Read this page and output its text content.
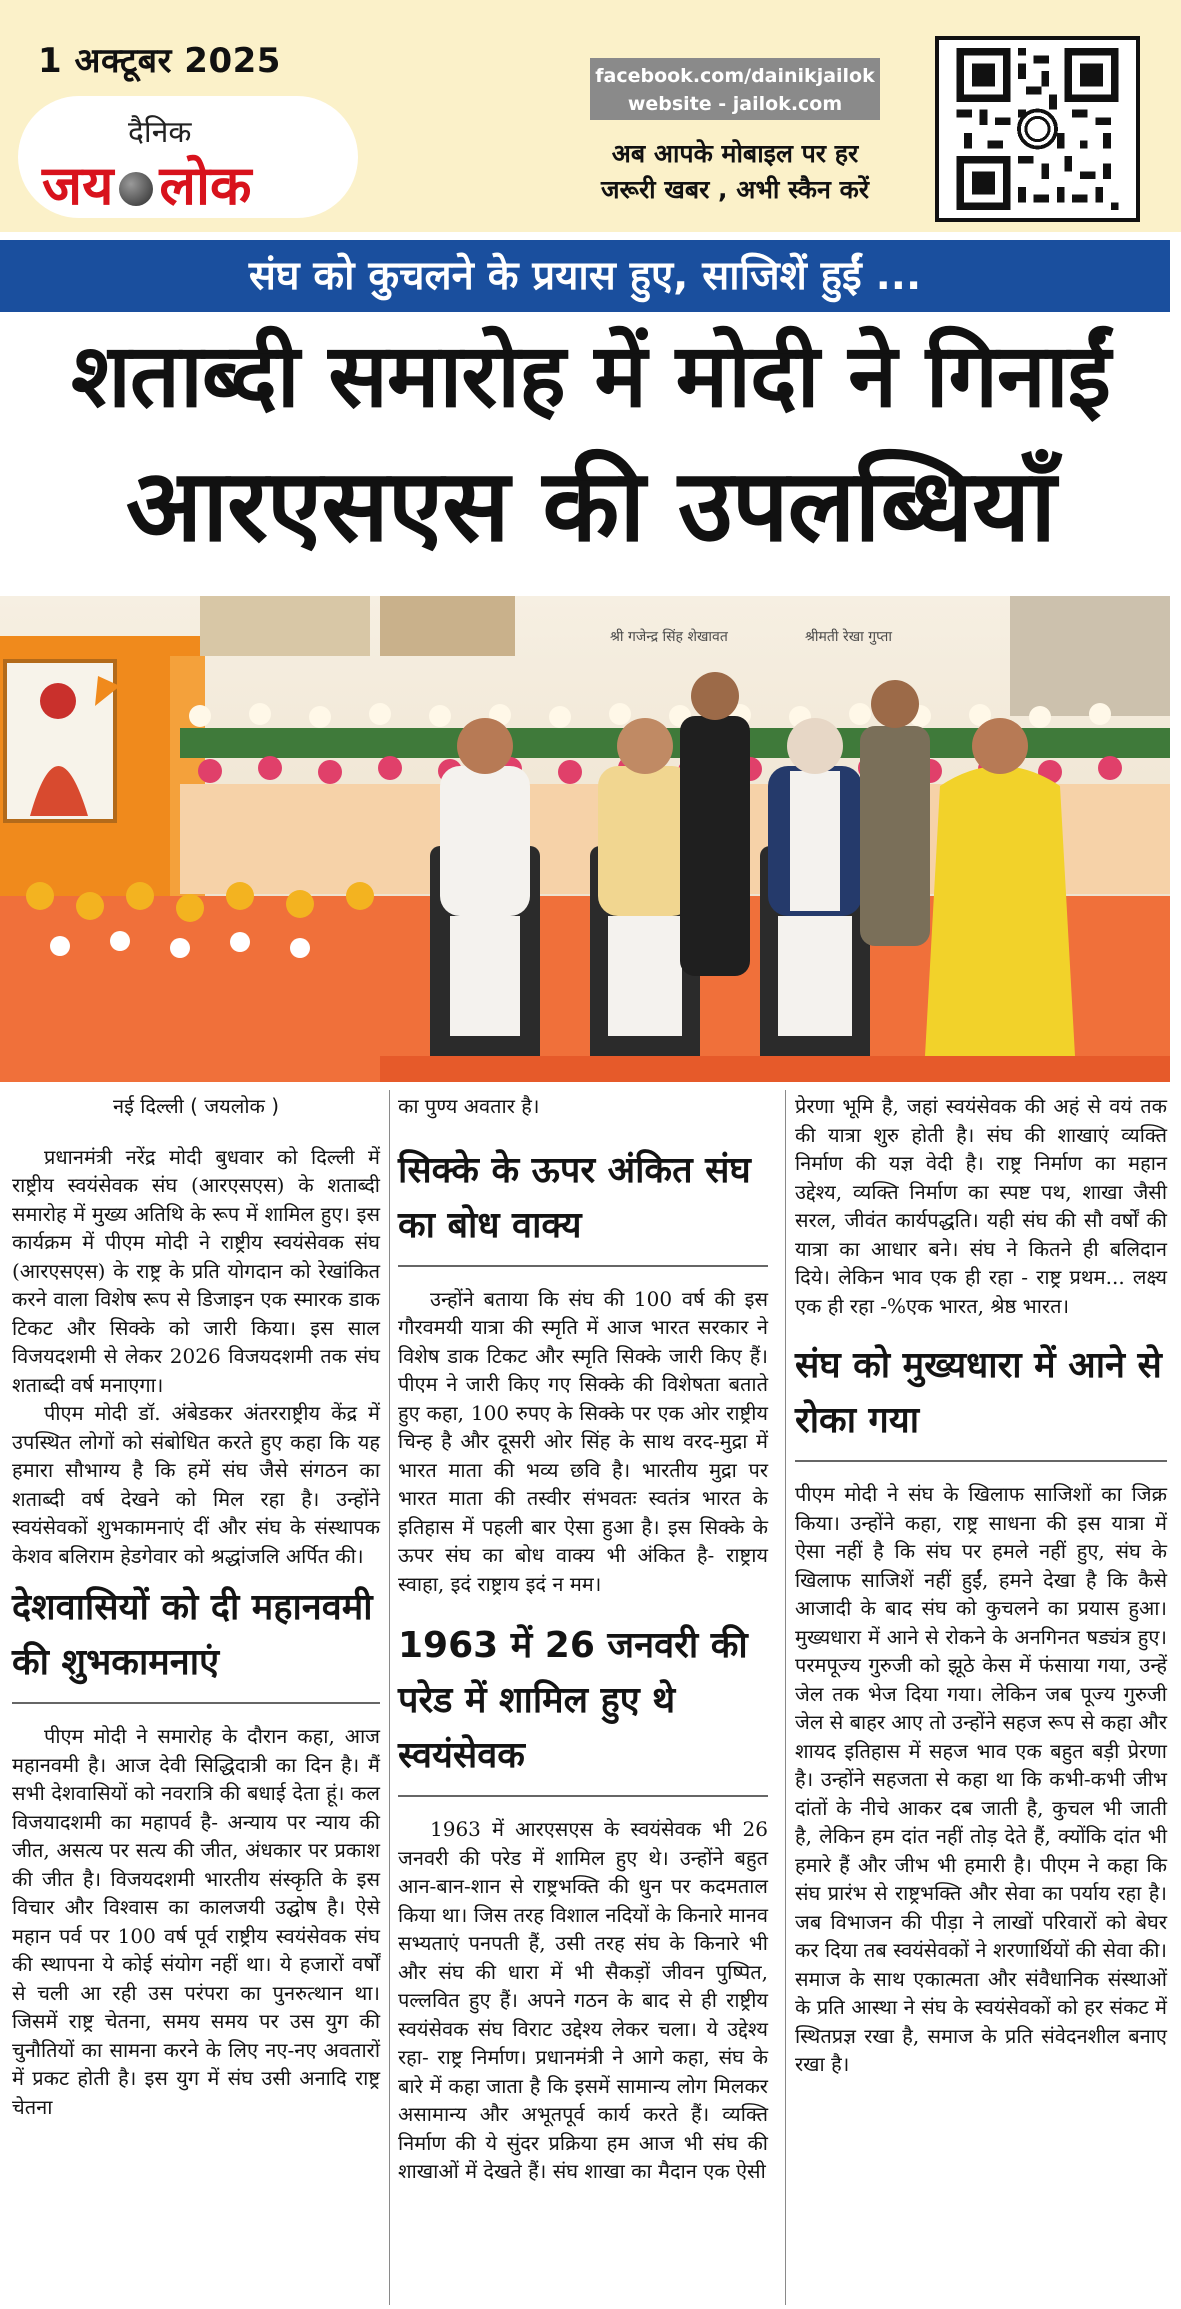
1 अक्टूबर 2025
दैनिक
जय लोक
facebook.com/dainikjailok
website - jailok.com
अब आपके मोबाइल पर हर
जरूरी खबर , अभी स्कैन करें
संघ को कुचलने के प्रयास हुए, साजिशें हुईं ...
शताब्दी समारोह में मोदी ने गिनाईं
आरएसएस की उपलब्धियाँ
श्री गजेन्द्र सिंह शेखावत	श्रीमती रेखा गुप्ता
नई दिल्ली ( जयलोक )

प्रधानमंत्री नरेंद्र मोदी बुधवार को दिल्ली में राष्ट्रीय स्वयंसेवक संघ (आरएसएस) के शताब्दी समारोह में मुख्य अतिथि के रूप में शामिल हुए। इस कार्यक्रम में पीएम मोदी ने राष्ट्रीय स्वयंसेवक संघ (आरएसएस) के राष्ट्र के प्रति योगदान को रेखांकित करने वाला विशेष रूप से डिजाइन एक स्मारक डाक टिकट और सिक्के को जारी किया। इस साल विजयदशमी से लेकर 2026 विजयदशमी तक संघ शताब्दी वर्ष मनाएगा।

पीएम मोदी डॉ. अंबेडकर अंतरराष्ट्रीय केंद्र में उपस्थित लोगों को संबोधित करते हुए कहा कि यह हमारा सौभाग्य है कि हमें संघ जैसे संगठन का शताब्दी वर्ष देखने को मिल रहा है। उन्होंने स्वयंसेवकों शुभकामनाएं दीं और संघ के संस्थापक केशव बलिराम हेडगेवार को श्रद्धांजलि अर्पित की।

देशवासियों को दी महानवमी की शुभकामनाएं

पीएम मोदी ने समारोह के दौरान कहा, आज महानवमी है। आज देवी सिद्धिदात्री का दिन है। मैं सभी देशवासियों को नवरात्रि की बधाई देता हूं। कल विजयादशमी का महापर्व है- अन्याय पर न्याय की जीत, असत्य पर सत्य की जीत, अंधकार पर प्रकाश की जीत है। विजयदशमी भारतीय संस्कृति के इस विचार और विश्वास का कालजयी उद्घोष है। ऐसे महान पर्व पर 100 वर्ष पूर्व राष्ट्रीय स्वयंसेवक संघ की स्थापना ये कोई संयोग नहीं था। ये हजारों वर्षों से चली आ रही उस परंपरा का पुनरुत्थान था। जिसमें राष्ट्र चेतना, समय समय पर उस युग की चुनौतियों का सामना करने के लिए नए-नए अवतारों में प्रकट होती है। इस युग में संघ उसी अनादि राष्ट्र चेतना

का पुण्य अवतार है।

सिक्के के ऊपर अंकित संघ का बोध वाक्य

उन्होंने बताया कि संघ की 100 वर्ष की इस गौरवमयी यात्रा की स्मृति में आज भारत सरकार ने विशेष डाक टिकट और स्मृति सिक्के जारी किए हैं। पीएम ने जारी किए गए सिक्के की विशेषता बताते हुए कहा, 100 रुपए के सिक्के पर एक ओर राष्ट्रीय चिन्ह है और दूसरी ओर सिंह के साथ वरद-मुद्रा में भारत माता की भव्य छवि है। भारतीय मुद्रा पर भारत माता की तस्वीर संभवतः स्वतंत्र भारत के इतिहास में पहली बार ऐसा हुआ है। इस सिक्के के ऊपर संघ का बोध वाक्य भी अंकित है- राष्ट्राय स्वाहा, इदं राष्ट्राय इदं न मम।

1963 में 26 जनवरी की परेड में शामिल हुए थे स्वयंसेवक

1963 में आरएसएस के स्वयंसेवक भी 26 जनवरी की परेड में शामिल हुए थे। उन्होंने बहुत आन-बान-शान से राष्ट्रभक्ति की धुन पर कदमताल किया था। जिस तरह विशाल नदियों के किनारे मानव सभ्यताएं पनपती हैं, उसी तरह संघ के किनारे भी और संघ की धारा में भी सैकड़ों जीवन पुष्पित, पल्लवित हुए हैं। अपने गठन के बाद से ही राष्ट्रीय स्वयंसेवक संघ विराट उद्देश्य लेकर चला। ये उद्देश्य रहा- राष्ट्र निर्माण। प्रधानमंत्री ने आगे कहा, संघ के बारे में कहा जाता है कि इसमें सामान्य लोग मिलकर असामान्य और अभूतपूर्व कार्य करते हैं। व्यक्ति निर्माण की ये सुंदर प्रक्रिया हम आज भी संघ की शाखाओं में देखते हैं। संघ शाखा का मैदान एक ऐसी

प्रेरणा भूमि है, जहां स्वयंसेवक की अहं से वयं तक की यात्रा शुरु होती है। संघ की शाखाएं व्यक्ति निर्माण की यज्ञ वेदी है। राष्ट्र निर्माण का महान उद्देश्य, व्यक्ति निर्माण का स्पष्ट पथ, शाखा जैसी सरल, जीवंत कार्यपद्धति। यही संघ की सौ वर्षों की यात्रा का आधार बने। संघ ने कितने ही बलिदान दिये। लेकिन भाव एक ही रहा - राष्ट्र प्रथम... लक्ष्य एक ही रहा -%एक भारत, श्रेष्ठ भारत।

संघ को मुख्यधारा में आने से रोका गया

पीएम मोदी ने संघ के खिलाफ साजिशों का जिक्र किया। उन्होंने कहा, राष्ट्र साधना की इस यात्रा में ऐसा नहीं है कि संघ पर हमले नहीं हुए, संघ के खिलाफ साजिशें नहीं हुईं, हमने देखा है कि कैसे आजादी के बाद संघ को कुचलने का प्रयास हुआ। मुख्यधारा में आने से रोकने के अनगिनत षड्यंत्र हुए। परमपूज्य गुरुजी को झूठे केस में फंसाया गया, उन्हें जेल तक भेज दिया गया। लेकिन जब पूज्य गुरुजी जेल से बाहर आए तो उन्होंने सहज रूप से कहा और शायद इतिहास में सहज भाव एक बहुत बड़ी प्रेरणा है। उन्होंने सहजता से कहा था कि कभी-कभी जीभ दांतों के नीचे आकर दब जाती है, कुचल भी जाती है, लेकिन हम दांत नहीं तोड़ देते हैं, क्योंकि दांत भी हमारे हैं और जीभ भी हमारी है। पीएम ने कहा कि संघ प्रारंभ से राष्ट्रभक्ति और सेवा का पर्याय रहा है। जब विभाजन की पीड़ा ने लाखों परिवारों को बेघर कर दिया तब स्वयंसेवकों ने शरणार्थियों की सेवा की। समाज के साथ एकात्मता और संवैधानिक संस्थाओं के प्रति आस्था ने संघ के स्वयंसेवकों को हर संकट में स्थितप्रज्ञ रखा है, समाज के प्रति संवेदनशील बनाए रखा है।
